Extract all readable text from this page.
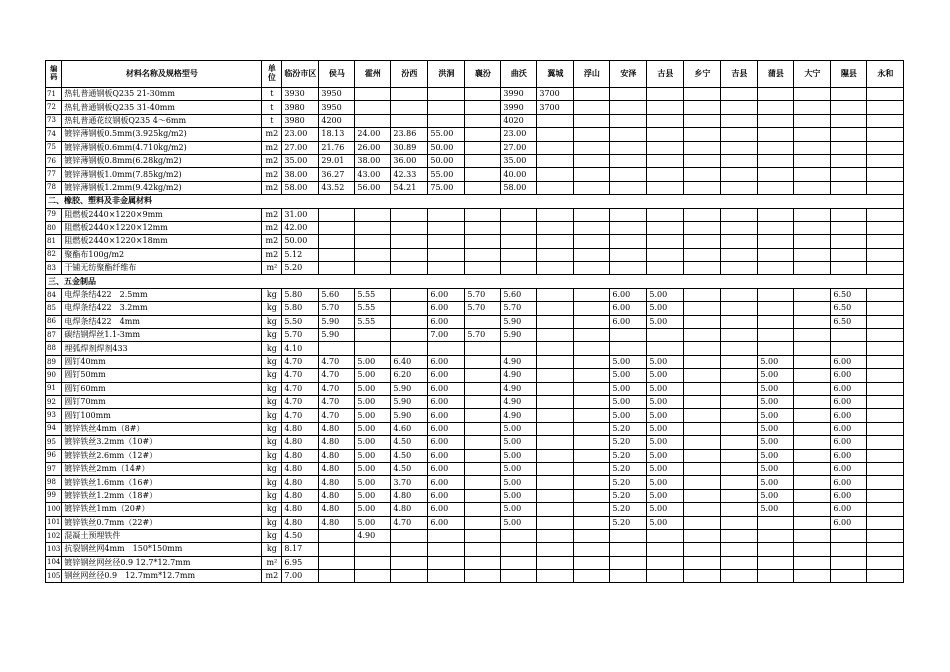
编码	材料名称及规格型号	单位	临汾市区	侯马	霍州	汾西	洪洞	襄汾	曲沃	翼城	浮山	安泽	古县	乡宁	吉县	蒲县	大宁	隰县	永和
71	热轧普通钢板Q235 21-30mm	t	3930	3950					3990	3700									
72	热轧普通钢板Q235 31-40mm	t	3980	3950					3990	3700									
73	热轧普通花纹钢板Q235 4～6mm	t	3980	4200					4020										
74	镀锌薄钢板0.5mm(3.925kg/m2)	m2	23.00	18.13	24.00	23.86	55.00		23.00										
75	镀锌薄钢板0.6mm(4.710kg/m2)	m2	27.00	21.76	26.00	30.89	50.00		27.00										
76	镀锌薄钢板0.8mm(6.28kg/m2)	m2	35.00	29.01	38.00	36.00	50.00		35.00										
77	镀锌薄钢板1.0mm(7.85kg/m2)	m2	38.00	36.27	43.00	42.33	55.00		40.00										
78	镀锌薄钢板1.2mm(9.42kg/m2)	m2	58.00	43.52	56.00	54.21	75.00		58.00										
二、橡胶、塑料及非金属材料																			
79	阻燃板2440×1220×9mm	m2	31.00																
80	阻燃板2440×1220×12mm	m2	42.00																
81	阻燃板2440×1220×18mm	m2	50.00																
82	聚酯布100g/m2	m2	5.12																
83	干铺无纺聚酯纤维布	m²	5.20																
三、五金制品																			
84	电焊条结422　2.5mm	kg	5.80	5.60	5.55		6.00	5.70	5.60			6.00	5.00					6.50	
85	电焊条结422　3.2mm	kg	5.80	5.70	5.55		6.00	5.70	5.70			6.00	5.00					6.50	
86	电焊条结422　4mm	kg	5.50	5.90	5.55		6.00		5.90			6.00	5.00					6.50	
87	碳结钢焊丝1.1-3mm	kg	5.70	5.90			7.00	5.70	5.90										
88	埋弧焊剂焊剂433	kg	4.10																
89	圆钉40mm	kg	4.70	4.70	5.00	6.40	6.00		4.90			5.00	5.00			5.00		6.00	
90	圆钉50mm	kg	4.70	4.70	5.00	6.20	6.00		4.90			5.00	5.00			5.00		6.00	
91	圆钉60mm	kg	4.70	4.70	5.00	5.90	6.00		4.90			5.00	5.00			5.00		6.00	
92	圆钉70mm	kg	4.70	4.70	5.00	5.90	6.00		4.90			5.00	5.00			5.00		6.00	
93	圆钉100mm	kg	4.70	4.70	5.00	5.90	6.00		4.90			5.00	5.00			5.00		6.00	
94	镀锌铁丝4mm（8#）	kg	4.80	4.80	5.00	4.60	6.00		5.00			5.20	5.00			5.00		6.00	
95	镀锌铁丝3.2mm（10#）	kg	4.80	4.80	5.00	4.50	6.00		5.00			5.20	5.00			5.00		6.00	
96	镀锌铁丝2.6mm（12#）	kg	4.80	4.80	5.00	4.50	6.00		5.00			5.20	5.00			5.00		6.00	
97	镀锌铁丝2mm（14#）	kg	4.80	4.80	5.00	4.50	6.00		5.00			5.20	5.00			5.00		6.00	
98	镀锌铁丝1.6mm（16#）	kg	4.80	4.80	5.00	3.70	6.00		5.00			5.20	5.00			5.00		6.00	
99	镀锌铁丝1.2mm（18#）	kg	4.80	4.80	5.00	4.80	6.00		5.00			5.20	5.00			5.00		6.00	
100	镀锌铁丝1mm（20#）	kg	4.80	4.80	5.00	4.80	6.00		5.00			5.20	5.00			5.00		6.00	
101	镀锌铁丝0.7mm（22#）	kg	4.80	4.80	5.00	4.70	6.00		5.00			5.20	5.00					6.00	
102	混凝土预埋铁件	kg	4.50		4.90														
103	抗裂钢丝网4mm　150*150mm	kg	8.17																
104	镀锌钢丝网丝径0.9 12.7*12.7mm	m²	6.95																
105	钢丝网丝径0.9　12.7mm*12.7mm	m2	7.00																
